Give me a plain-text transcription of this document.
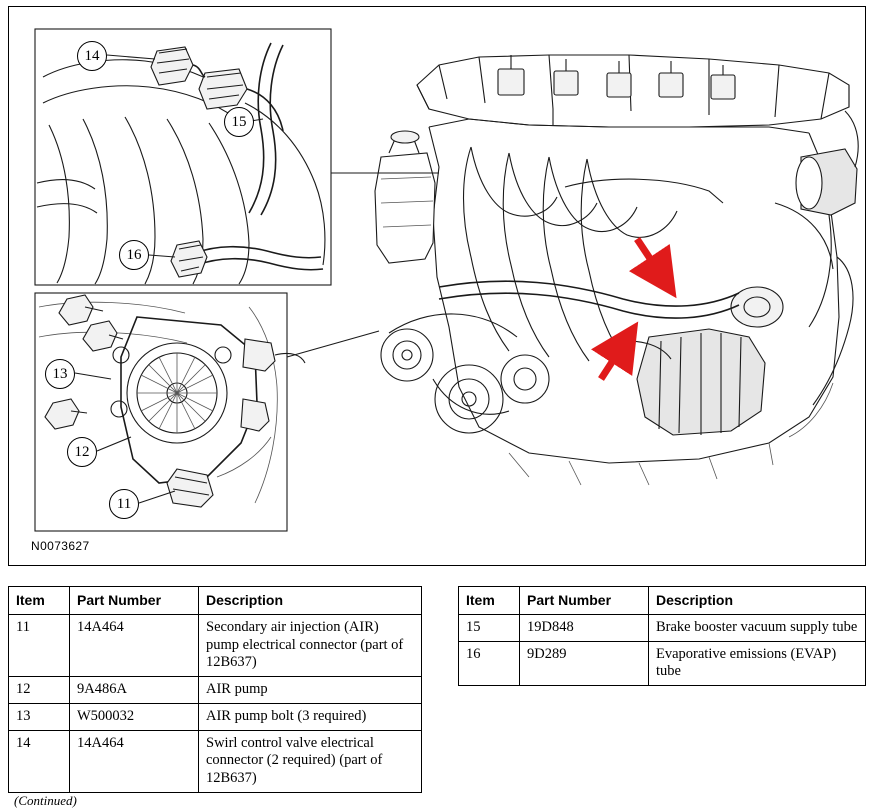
14
15
16
13
12
11
N0073627
Item	Part Number	Description
11	14A464	Secondary air injection (AIR) pump electrical connector (part of 12B637)
12	9A486A	AIR pump
13	W500032	AIR pump bolt (3 required)
14	14A464	Swirl control valve electrical connector (2 required) (part of 12B637)
Item	Part Number	Description
15	19D848	Brake booster vacuum supply tube
16	9D289	Evaporative emissions (EVAP) tube
(Continued)
